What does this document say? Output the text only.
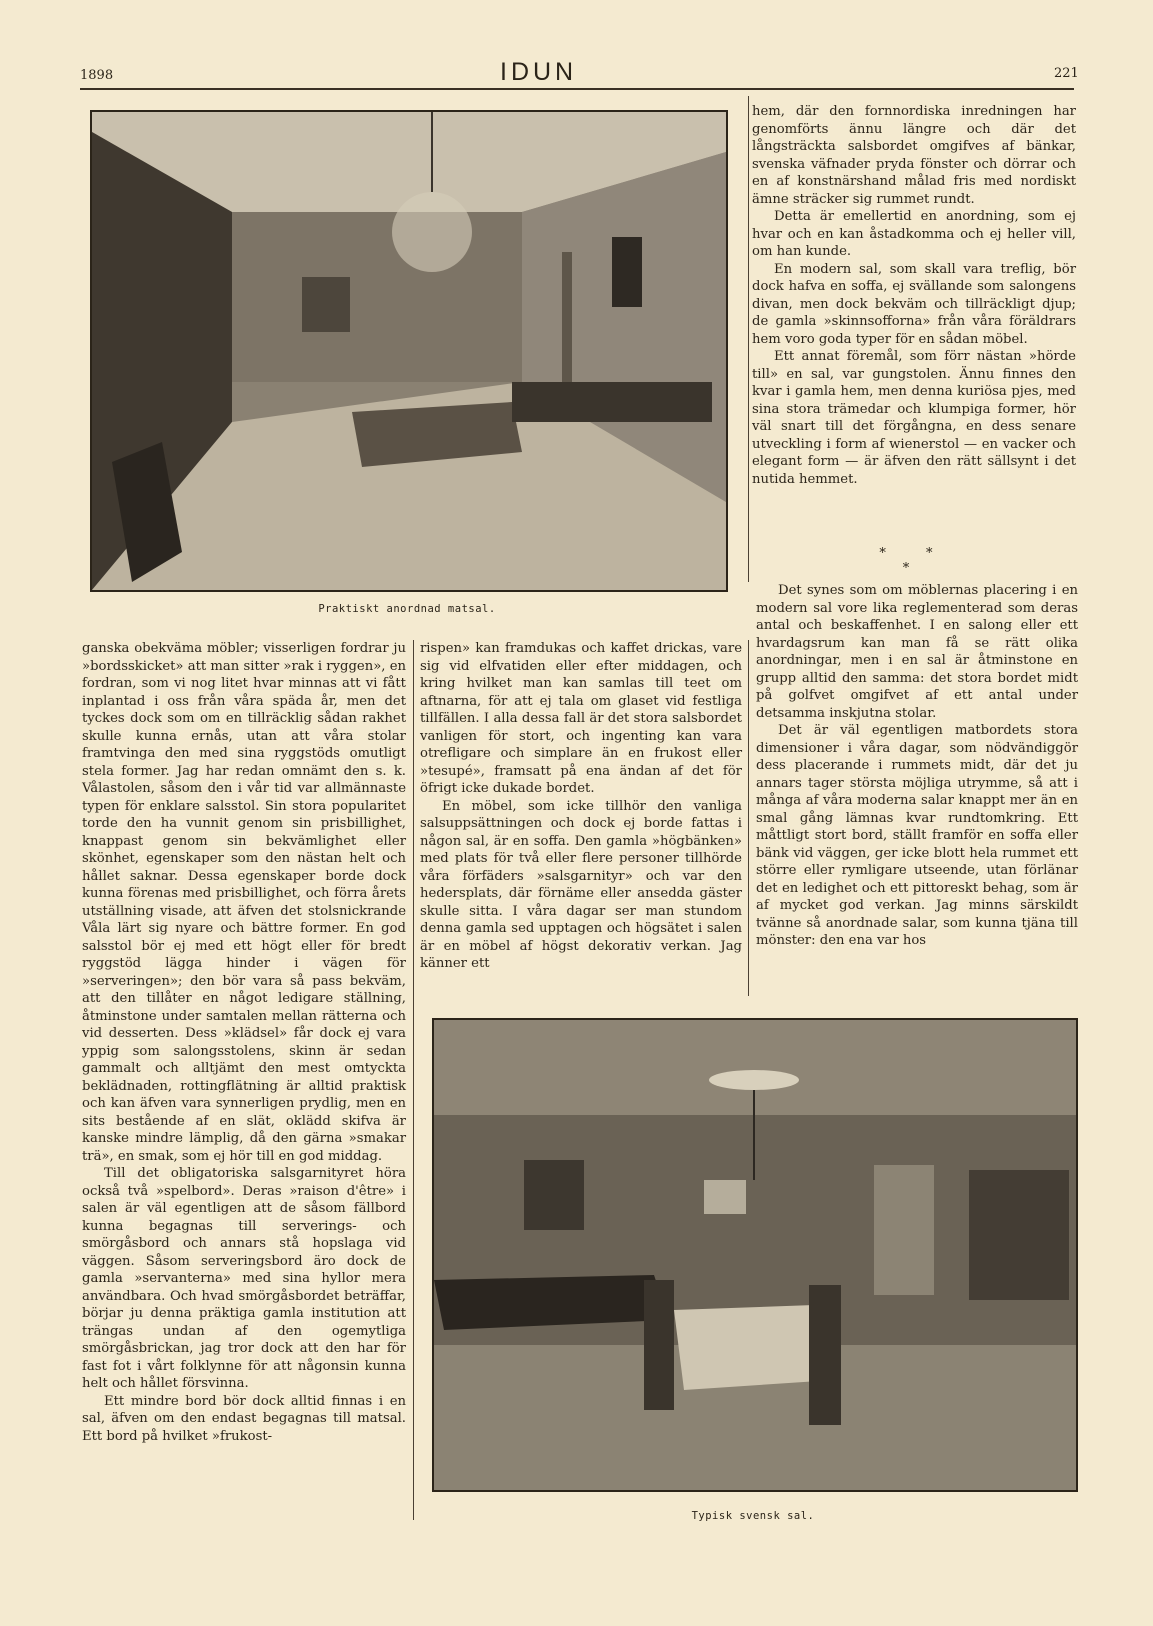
1898	IDUN	221
Praktiskt anordnad matsal.

hem, där den fornnordiska inredningen har genomförts ännu längre och där det långsträckta salsbordet omgifves af bänkar, svenska väfnader pryda fönster och dörrar och en af konstnärshand målad fris med nordiskt ämne sträcker sig rummet rundt.

Detta är emellertid en anordning, som ej hvar och en kan åstadkomma och ej heller vill, om han kunde.

En modern sal, som skall vara treflig, bör dock hafva en soffa, ej svällande som salongens divan, men dock bekväm och tillräckligt djup; de gamla »skinnsofforna» från våra föräldrars hem voro goda typer för en sådan möbel.

Ett annat föremål, som förr nästan »hörde till» en sal, var gungstolen. Ännu finnes den kvar i gamla hem, men denna kuriösa pjes, med sina stora trämedar och klumpiga former, hör väl snart till det förgångna, en dess senare utveckling i form af wienerstol — en vacker och elegant form — är äfven den rätt sällsynt i det nutida hemmet.

* * *

ganska obekväma möbler; visserligen fordrar ju »bordsskicket» att man sitter »rak i ryggen», en fordran, som vi nog litet hvar minnas att vi fått inplantad i oss från våra späda år, men det tyckes dock som om en tillräcklig sådan rakhet skulle kunna ernås, utan att våra stolar framtvinga den med sina ryggstöds omutligt stela former. Jag har redan omnämt den s. k. Vålastolen, såsom den i vår tid var allmännaste typen för enklare salsstol. Sin stora popularitet torde den ha vunnit genom sin prisbillighet, knappast genom sin bekvämlighet eller skönhet, egenskaper som den nästan helt och hållet saknar. Dessa egenskaper borde dock kunna förenas med prisbillighet, och förra årets utställning visade, att äfven det stolsnickrande Våla lärt sig nyare och bättre former. En god salsstol bör ej med ett högt eller för bredt ryggstöd lägga hinder i vägen för »serveringen»; den bör vara så pass bekväm, att den tillåter en något ledigare ställning, åtminstone under samtalen mellan rätterna och vid desserten. Dess »klädsel» får dock ej vara yppig som salongsstolens, skinn är sedan gammalt och alltjämt den mest omtyckta beklädnaden, rottingflätning är alltid praktisk och kan äfven vara synnerligen prydlig, men en sits bestående af en slät, oklädd skifva är kanske mindre lämplig, då den gärna »smakar trä», en smak, som ej hör till en god middag.

Till det obligatoriska salsgarnityret höra också två »spelbord». Deras »raison d'être» i salen är väl egentligen att de såsom fällbord kunna begagnas till serverings- och smörgåsbord och annars stå hopslaga vid väggen. Såsom serveringsbord äro dock de gamla »servanterna» med sina hyllor mera användbara. Och hvad smörgåsbordet beträffar, börjar ju denna präktiga gamla institution att trängas undan af den ogemytliga smörgåsbrickan, jag tror dock att den har för fast fot i vårt folklynne för att någonsin kunna helt och hållet försvinna.

Ett mindre bord bör dock alltid finnas i en sal, äfven om den endast begagnas till matsal. Ett bord på hvilket »frukost-

rispen» kan framdukas och kaffet drickas, vare sig vid elfvatiden eller efter middagen, och kring hvilket man kan samlas till teet om aftnarna, för att ej tala om glaset vid festliga tillfällen. I alla dessa fall är det stora salsbordet vanligen för stort, och ingenting kan vara otrefligare och simplare än en frukost eller »tesupé», framsatt på ena ändan af det för öfrigt icke dukade bordet.

En möbel, som icke tillhör den vanliga salsuppsättningen och dock ej borde fattas i någon sal, är en soffa. Den gamla »högbänken» med plats för två eller flere personer tillhörde våra förfäders »salsgarnityr» och var den hedersplats, där förnäme eller ansedda gäster skulle sitta. I våra dagar ser man stundom denna gamla sed upptagen och högsätet i salen är en möbel af högst dekorativ verkan. Jag känner ett

Det synes som om möblernas placering i en modern sal vore lika reglementerad som deras antal och beskaffenhet. I en salong eller ett hvardagsrum kan man få se rätt olika anordningar, men i en sal är åtminstone en grupp alltid den samma: det stora bordet midt på golfvet omgifvet af ett antal under detsamma inskjutna stolar.

Det är väl egentligen matbordets stora dimensioner i våra dagar, som nödvändiggör dess placerande i rummets midt, där det ju annars tager största möjliga utrymme, så att i många af våra moderna salar knappt mer än en smal gång lämnas kvar rundtomkring. Ett måttligt stort bord, ställt framför en soffa eller bänk vid väggen, ger icke blott hela rummet ett större eller rymligare utseende, utan förlänar det en ledighet och ett pittoreskt behag, som är af mycket god verkan. Jag minns särskildt tvänne så anordnade salar, som kunna tjäna till mönster: den ena var hos

Typisk svensk sal.
